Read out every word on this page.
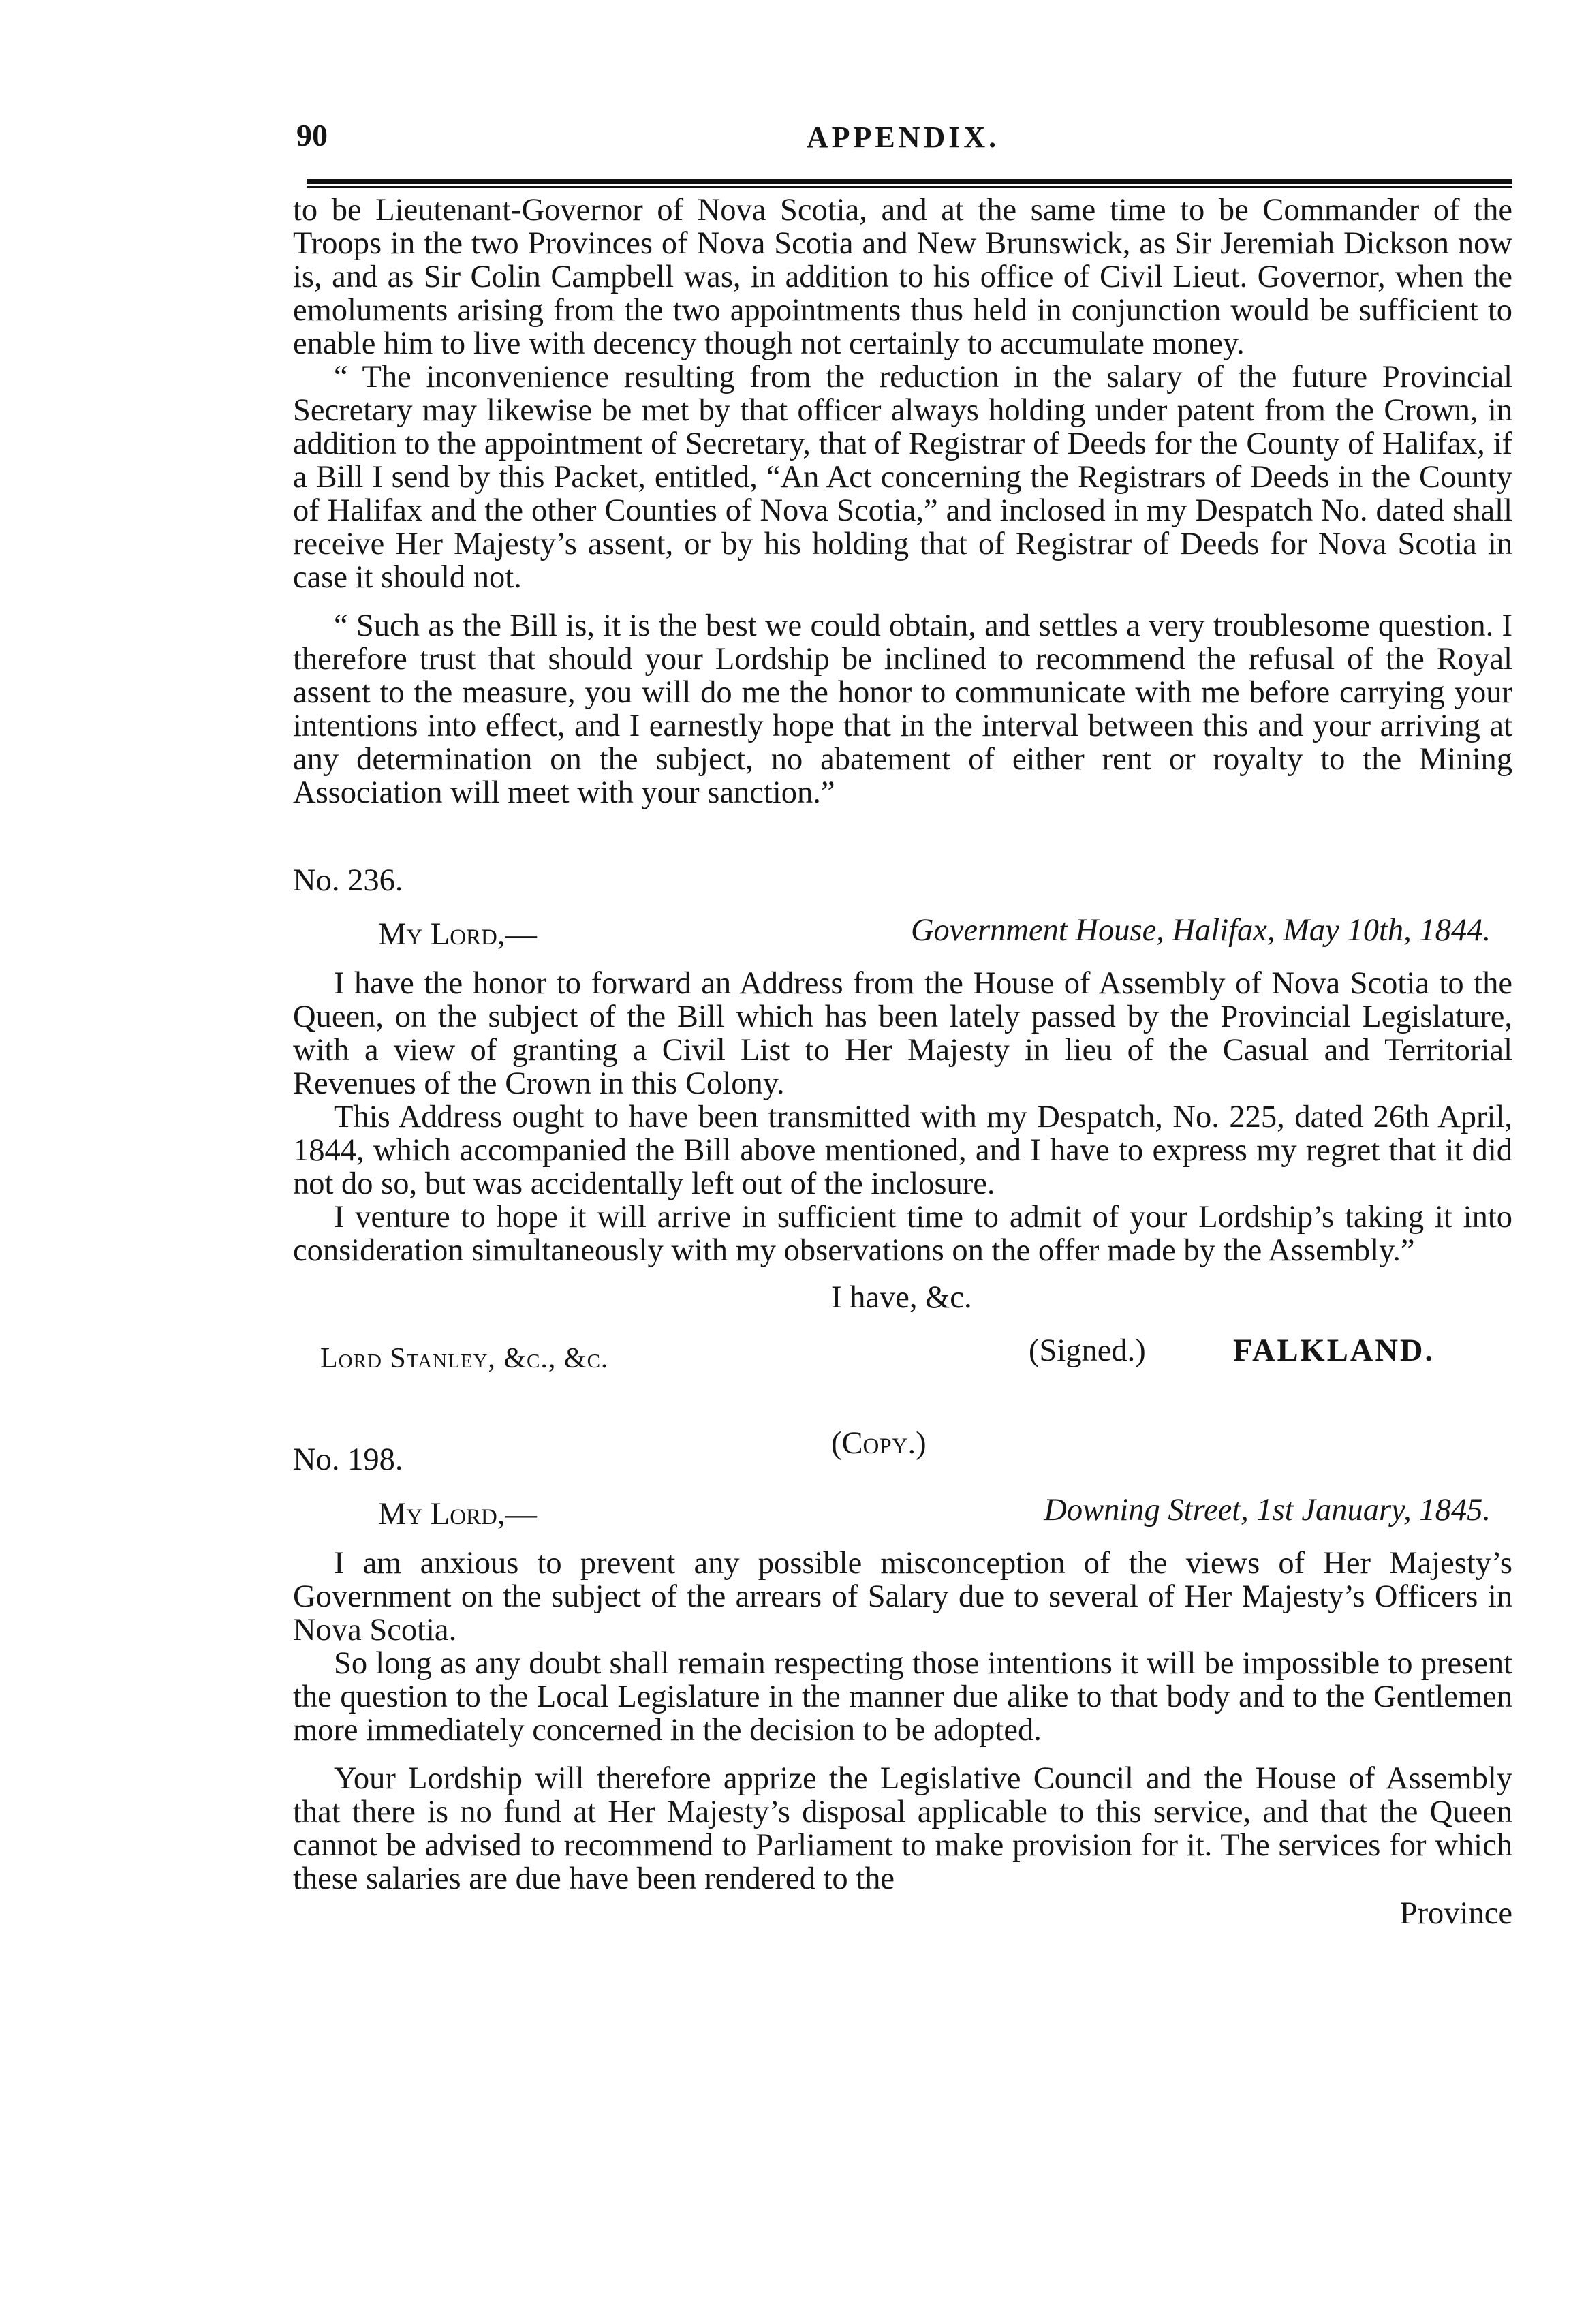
90	APPENDIX.

to be Lieutenant-Governor of Nova Scotia, and at the same time to be Commander of the Troops in the two Provinces of Nova Scotia and New Brunswick, as Sir Jeremiah Dickson now is, and as Sir Colin Campbell was, in addition to his office of Civil Lieut. Governor, when the emoluments arising from the two appointments thus held in conjunction would be sufficient to enable him to live with decency though not certainly to accumulate money.

“ The inconvenience resulting from the reduction in the salary of the future Provincial Secretary may likewise be met by that officer always holding under patent from the Crown, in addition to the appointment of Secretary, that of Registrar of Deeds for the County of Halifax, if a Bill I send by this Packet, entitled, “An Act concerning the Registrars of Deeds in the County of Halifax and the other Counties of Nova Scotia,” and inclosed in my Despatch No. dated shall receive Her Majesty’s assent, or by his holding that of Registrar of Deeds for Nova Scotia in case it should not.

“ Such as the Bill is, it is the best we could obtain, and settles a very troublesome question. I therefore trust that should your Lordship be inclined to recommend the refusal of the Royal assent to the measure, you will do me the honor to communicate with me before carrying your intentions into effect, and I earnestly hope that in the interval between this and your arriving at any determination on the subject, no abatement of either rent or royalty to the Mining Association will meet with your sanction.”

No. 236.

My Lord,—	Government House, Halifax, May 10th, 1844.

I have the honor to forward an Address from the House of Assembly of Nova Scotia to the Queen, on the subject of the Bill which has been lately passed by the Provincial Legislature, with a view of granting a Civil List to Her Majesty in lieu of the Casual and Territorial Revenues of the Crown in this Colony.

This Address ought to have been transmitted with my Despatch, No. 225, dated 26th April, 1844, which accompanied the Bill above mentioned, and I have to express my regret that it did not do so, but was accidentally left out of the inclosure.

I venture to hope it will arrive in sufficient time to admit of your Lordship’s taking it into consideration simultaneously with my observations on the offer made by the Assembly.”

I have, &c.
Lord Stanley, &c., &c.	(Signed.)	FALKLAND.
(Copy.)
No. 198.
My Lord,—	Downing Street, 1st January, 1845.

I am anxious to prevent any possible misconception of the views of Her Majesty’s Government on the subject of the arrears of Salary due to several of Her Majesty’s Officers in Nova Scotia.

So long as any doubt shall remain respecting those intentions it will be impossible to present the question to the Local Legislature in the manner due alike to that body and to the Gentlemen more immediately concerned in the decision to be adopted.

Your Lordship will therefore apprize the Legislative Council and the House of Assembly that there is no fund at Her Majesty’s disposal applicable to this service, and that the Queen cannot be advised to recommend to Parliament to make provision for it. The services for which these salaries are due have been rendered to the

Province
